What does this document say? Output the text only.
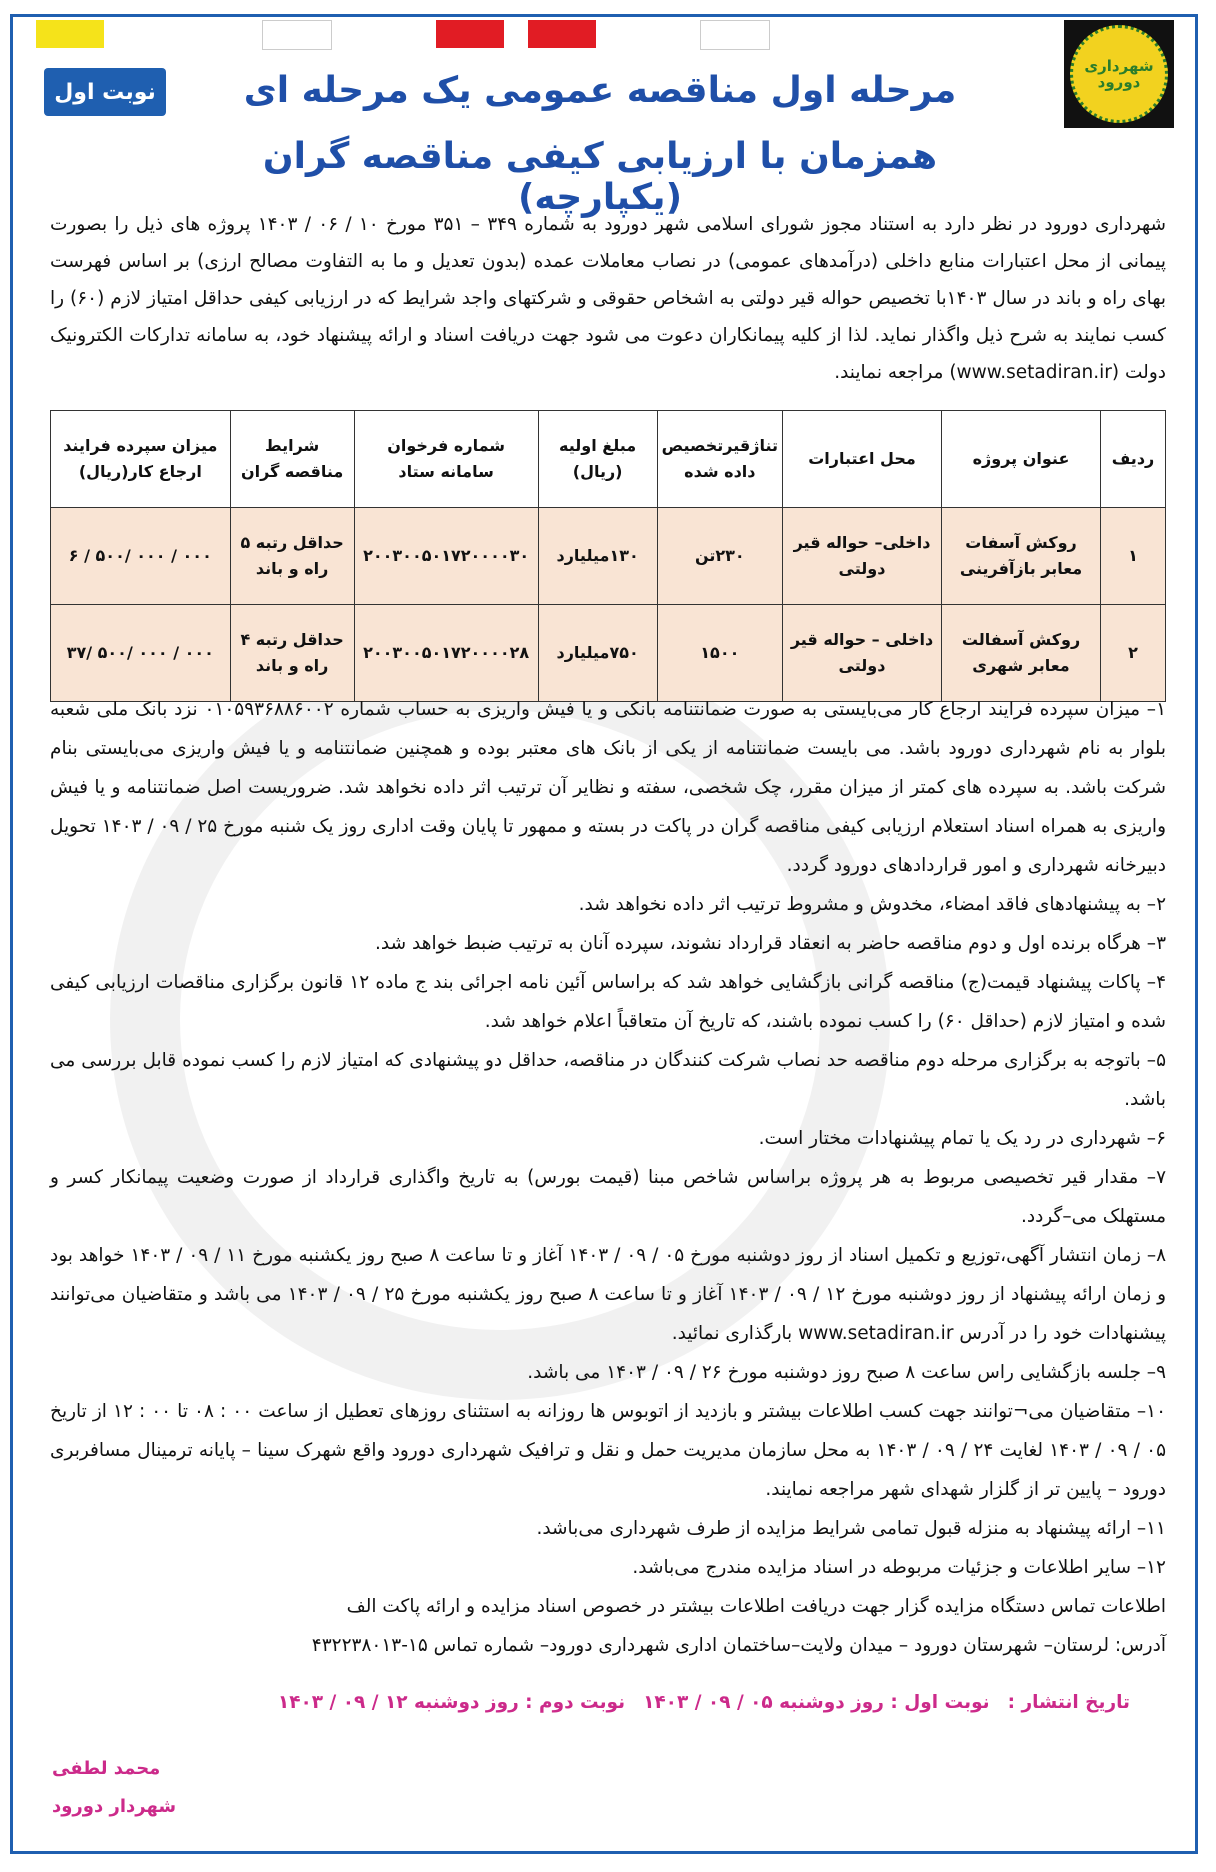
شهرداری دورود
نوبت اول	مرحله اول مناقصه عمومی یک مرحله ای
همزمان با ارزیابی کیفی مناقصه گران (یکپارچه)
شهرداری دورود در نظر دارد به استناد مجوز شورای اسلامی شهر دورود به شماره ۳۴۹ – ۳۵۱ مورخ ۱۰ / ۰۶ / ۱۴۰۳ پروژه های ذیل را بصورت پیمانی از محل اعتبارات منابع داخلی (درآمدهای عمومی) در نصاب معاملات عمده (بدون تعدیل و ما به التفاوت مصالح ارزی) بر اساس فهرست بهای راه و باند در سال ۱۴۰۳با تخصیص حواله قیر دولتی به اشخاص حقوقی و شرکتهای واجد شرایط که در ارزیابی کیفی حداقل امتیاز لازم (۶۰) را کسب نمایند به شرح ذیل واگذار نماید. لذا از کلیه پیمانکاران دعوت می شود جهت دریافت اسناد و ارائه پیشنهاد خود، به سامانه تدارکات الکترونیک دولت (www.setadiran.ir) مراجعه نمایند.
ردیف	عنوان پروژه	محل اعتبارات	تناژقیرتخصیص داده شده	مبلغ اولیه (ریال)	شماره فرخوان سامانه ستاد	شرایط مناقصه گران	میزان سپرده فرایند ارجاع کار(ریال)
۱	روکش آسفات معابر بازآفرینی	داخلی– حواله قیر دولتی	۲۳۰تن	۱۳۰میلیارد	۲۰۰۳۰۰۵۰۱۷۲۰۰۰۰۳۰	حداقل رتبه ۵ راه و باند	۰۰۰ / ۰۰۰ /۵۰۰ / ۶
۲	روکش آسفالت معابر شهری	داخلی – حواله قیر دولتی	۱۵۰۰	۷۵۰میلیارد	۲۰۰۳۰۰۵۰۱۷۲۰۰۰۰۲۸	حداقل رتبه ۴ راه و باند	۰۰۰ / ۰۰۰ /۵۰۰ /۳۷

۱– میزان سپرده فرایند ارجاع کار می‌بایستی به صورت ضمانتنامه بانکی و یا فیش واریزی به حساب شماره ۰۱۰۵۹۳۶۸۸۶۰۰۲ نزد بانک ملی شعبه بلوار به نام شهرداری دورود باشد. می بایست ضمانتنامه از یکی از بانک های معتبر بوده و همچنین ضمانتنامه و یا فیش واریزی می‌بایستی بنام شرکت باشد. به سپرده های کمتر از میزان مقرر، چک شخصی، سفته و نظایر آن ترتیب اثر داده نخواهد شد. ضروریست اصل ضمانتنامه و یا فیش واریزی به همراه اسناد استعلام ارزیابی کیفی مناقصه گران در پاکت در بسته و ممهور تا پایان وقت اداری روز یک شنبه مورخ ۲۵ / ۰۹ / ۱۴۰۳ تحویل دبیرخانه شهرداری و امور قراردادهای دورود گردد.

۲– به پیشنهادهای فاقد امضاء، مخدوش و مشروط ترتیب اثر داده نخواهد شد.

۳– هرگاه برنده اول و دوم مناقصه حاضر به انعقاد قرارداد نشوند، سپرده آنان به ترتیب ضبط خواهد شد.

۴– پاکات پیشنهاد قیمت(ج) مناقصه گرانی بازگشایی خواهد شد که براساس آئین نامه اجرائی بند ج ماده ۱۲ قانون برگزاری مناقصات ارزیابی کیفی شده و امتیاز لازم (حداقل ۶۰) را کسب نموده باشند، که تاریخ آن متعاقباً اعلام خواهد شد.

۵– باتوجه به برگزاری مرحله دوم مناقصه حد نصاب شرکت کنندگان در مناقصه، حداقل دو پیشنهادی که امتیاز لازم را کسب نموده قابل بررسی می باشد.

۶– شهرداری در رد یک یا تمام پیشنهادات مختار است.

۷– مقدار قیر تخصیصی مربوط به هر پروژه براساس شاخص مبنا (قیمت بورس) به تاریخ واگذاری قرارداد از صورت وضعیت پیمانکار کسر و مستهلک می–گردد.

۸– زمان انتشار آگهی،توزیع و تکمیل اسناد از روز دوشنبه مورخ ۰۵ / ۰۹ / ۱۴۰۳ آغاز و تا ساعت ۸ صبح روز یکشنبه مورخ ۱۱ / ۰۹ / ۱۴۰۳ خواهد بود و زمان ارائه پیشنهاد از روز دوشنبه مورخ ۱۲ / ۰۹ / ۱۴۰۳ آغاز و تا ساعت ۸ صبح روز یکشنبه مورخ ۲۵ / ۰۹ / ۱۴۰۳ می باشد و متقاضیان می‌توانند پیشنهادات خود را در آدرس www.setadiran.ir بارگذاری نمائید.

۹– جلسه بازگشایی راس ساعت ۸ صبح روز دوشنبه مورخ ۲۶ / ۰۹ / ۱۴۰۳ می باشد.

۱۰– متقاضیان می¬توانند جهت کسب اطلاعات بیشتر و بازدید از اتوبوس ها روزانه به استثنای روزهای تعطیل از ساعت ۰۰ : ۰۸ تا ۰۰ : ۱۲ از تاریخ ۰۵ / ۰۹ / ۱۴۰۳ لغایت ۲۴ / ۰۹ / ۱۴۰۳ به محل سازمان مدیریت حمل و نقل و ترافیک شهرداری دورود واقع شهرک سینا – پایانه ترمینال مسافربری دورود – پایین تر از گلزار شهدای شهر مراجعه نمایند.

۱۱– ارائه پیشنهاد به منزله قبول تمامی شرایط مزایده از طرف شهرداری می‌باشد.

۱۲– سایر اطلاعات و جزئیات مربوطه در اسناد مزایده مندرج می‌باشد.

اطلاعات تماس دستگاه مزایده گزار جهت دریافت اطلاعات بیشتر در خصوص اسناد مزایده و ارائه پاکت الف

آدرس: لرستان– شهرستان دورود – میدان ولایت–ساختمان اداری شهرداری دورود– شماره تماس ۱۵-۴۳۲۲۳۸۰۱۳

تاریخ انتشار :نوبت اول : روز دوشنبه ۰۵ / ۰۹ / ۱۴۰۳نوبت دوم : روز دوشنبه ۱۲ / ۰۹ / ۱۴۰۳
محمد لطفی
شهردار دورود
